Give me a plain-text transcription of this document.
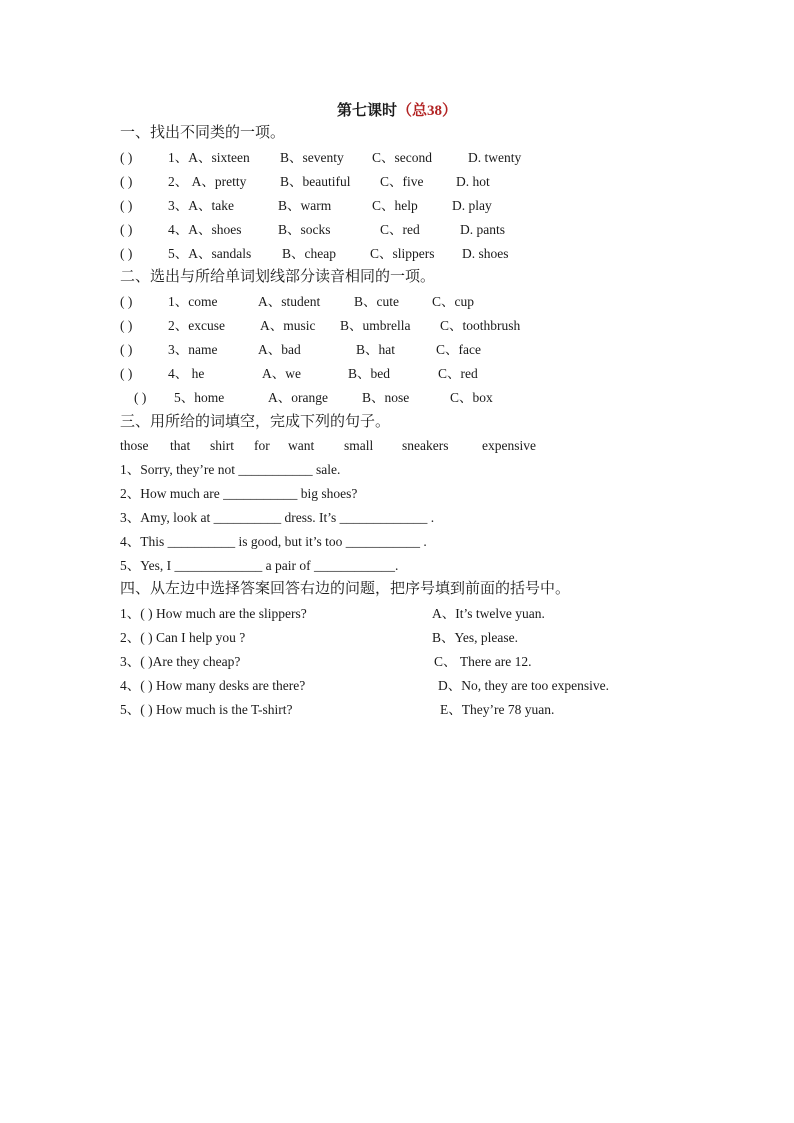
第七课时（总38）
一、找出不同类的一项。
( )	1、A、sixteen B、seventy C、second	D. twenty
( )	2、 A、pretty B、beautiful C、five D. hot
( )	3、A、take	B、warm	C、help	D. play
( )	4、A、shoes	B、socks	C、red	D. pants
( )	5、A、sandals B、cheap	C、slippers D. shoes
二、选出与所给单词划线部分读音相同的一项。
( )	1、come	A、student	B、cute C、cup
( )	2、excuse	A、music B、umbrella C、toothbrush
( )	3、name	A、bad	B、hat	C、face
( )	4、 he	A、we	B、bed	C、red
( ) 5、home	A、orange	B、nose	C、box
三、用所给的词填空，完成下列的句子。
those that shirt for want small sneakers expensive
1、Sorry, they’re not ___________ sale.
2、How much are ___________ big shoes?
3、Amy, look at __________ dress. It’s _____________ .
4、This __________ is good, but it’s too ___________ .
5、Yes, I _____________ a pair of ____________.
四、从左边中选择答案回答右边的问题，把序号填到前面的括号中。
1、( ) How much are the slippers?	A、It’s twelve yuan.
2、( ) Can I help you ?	B、Yes, please.
3、( )Are they cheap?	C、 There are 12.
4、( ) How many desks are there?	D、No, they are too expensive.
5、( ) How much is the T-shirt?	E、They’re 78 yuan.
